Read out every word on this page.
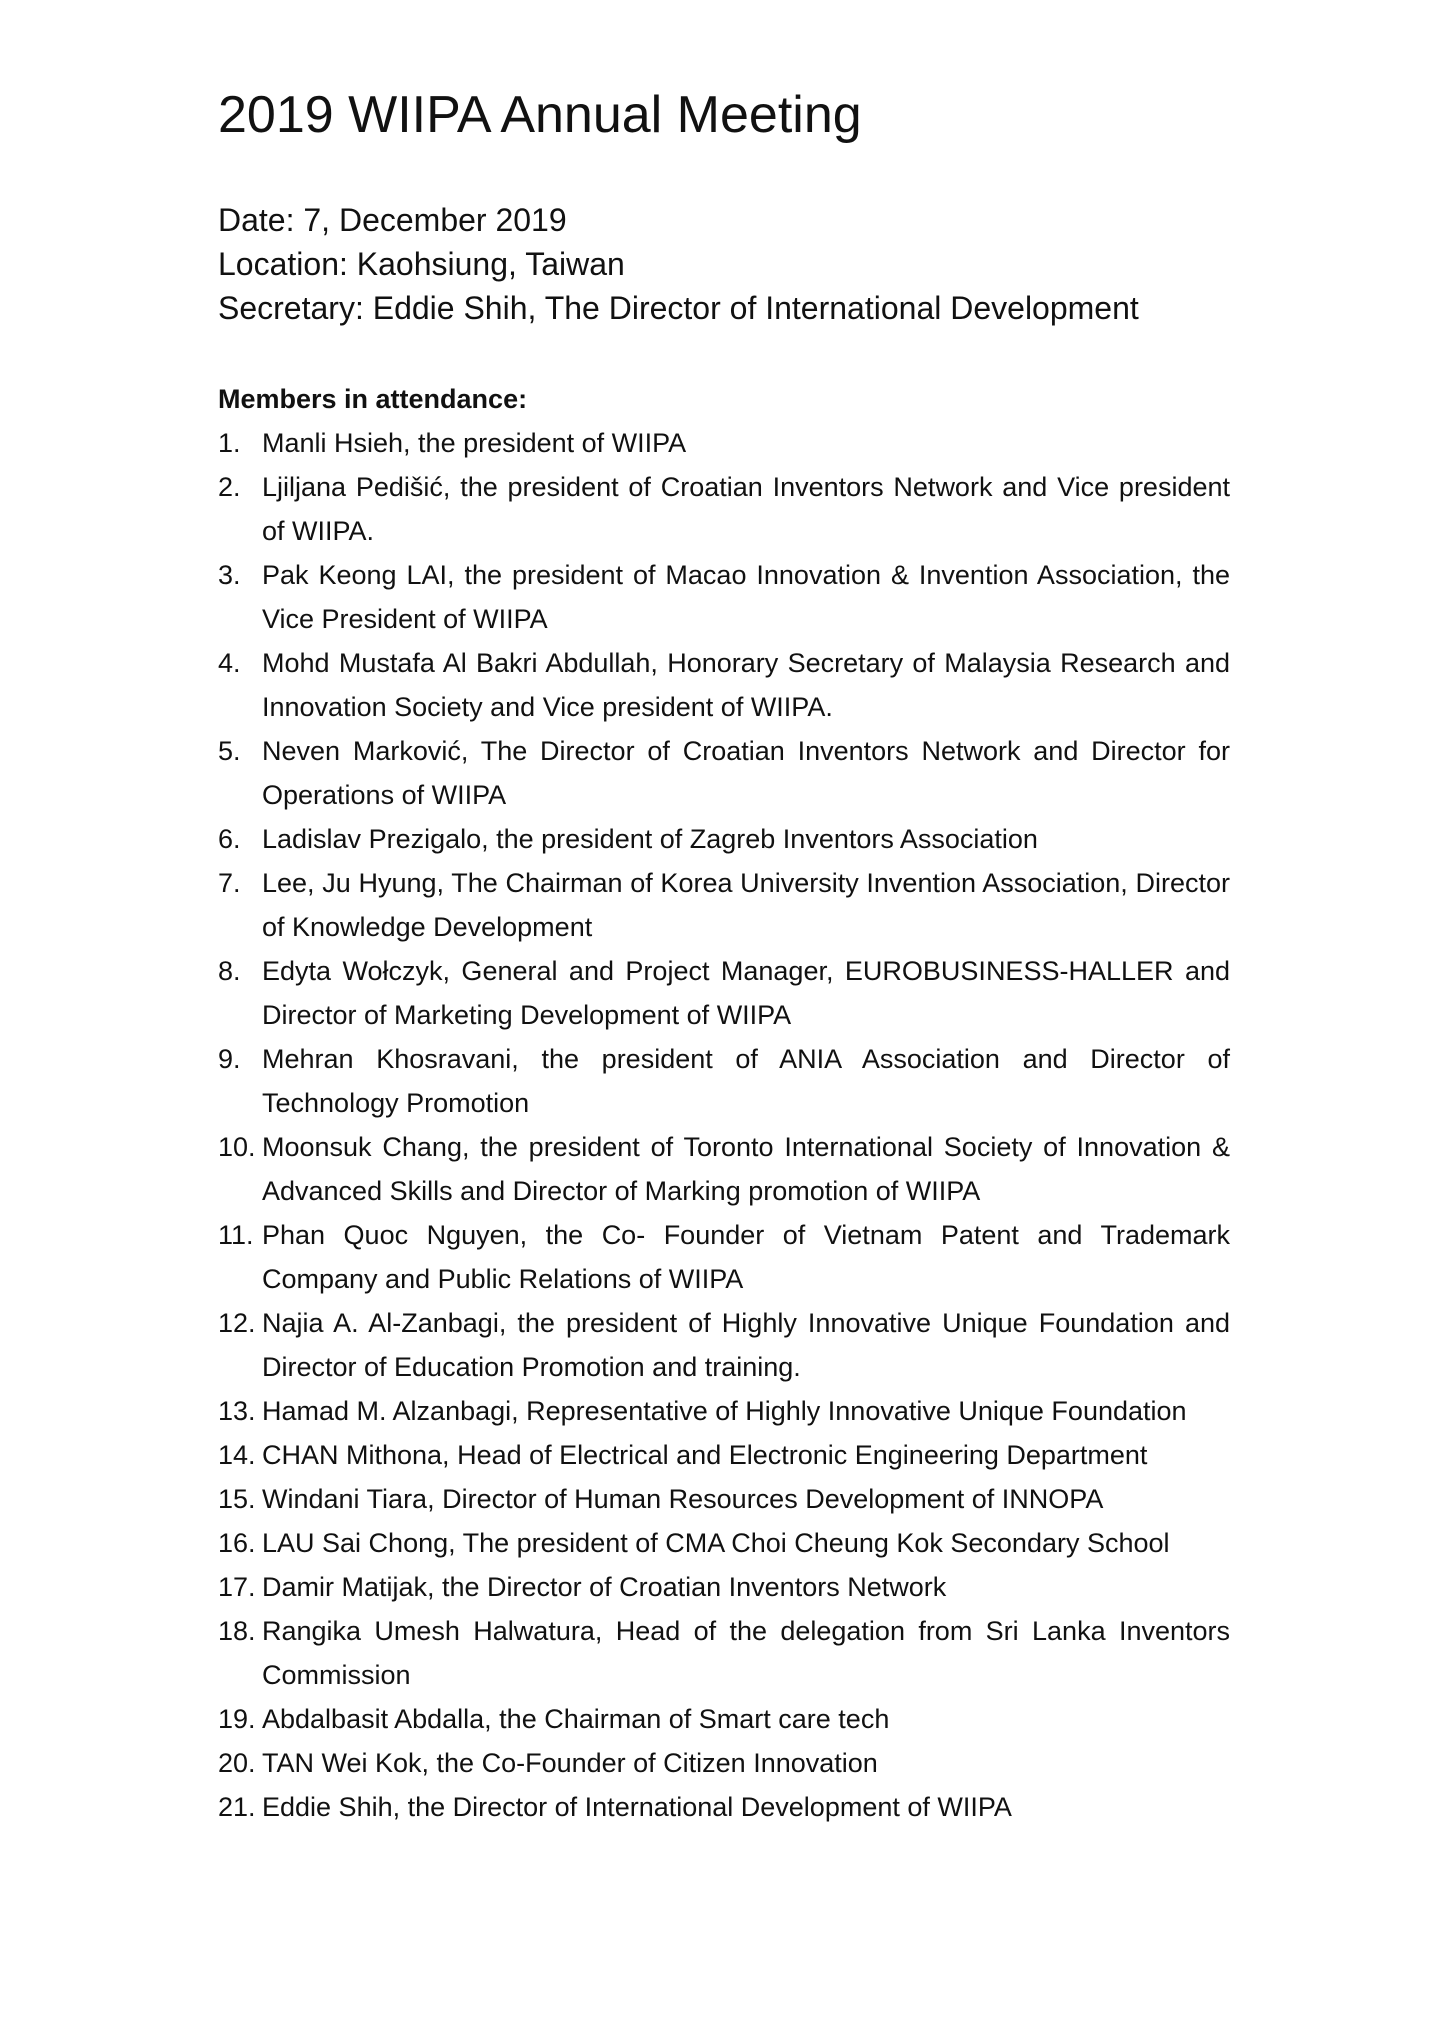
2019 WIIPA Annual Meeting
Date: 7, December 2019
Location: Kaohsiung, Taiwan
Secretary: Eddie Shih, The Director of International Development
Members in attendance:
1. Manli Hsieh, the president of WIIPA
2. Ljiljana Pedišić, the president of Croatian Inventors Network and Vice president of WIIPA.
3. Pak Keong LAI, the president of Macao Innovation & Invention Association, the Vice President of WIIPA
4. Mohd Mustafa Al Bakri Abdullah, Honorary Secretary of Malaysia Research and Innovation Society and Vice president of WIIPA.
5. Neven Marković, The Director of Croatian Inventors Network and Director for Operations of WIIPA
6. Ladislav Prezigalo, the president of Zagreb Inventors Association
7. Lee, Ju Hyung, The Chairman of Korea University Invention Association, Director of Knowledge Development
8. Edyta Wołczyk, General and Project Manager, EUROBUSINESS-HALLER and Director of Marketing Development of WIIPA
9. Mehran Khosravani, the president of ANIA Association and Director of Technology Promotion
10. Moonsuk Chang, the president of Toronto International Society of Innovation & Advanced Skills and Director of Marking promotion of WIIPA
11. Phan Quoc Nguyen, the Co- Founder of Vietnam Patent and Trademark Company and Public Relations of WIIPA
12. Najia A. Al-Zanbagi, the president of Highly Innovative Unique Foundation and Director of Education Promotion and training.
13. Hamad M. Alzanbagi, Representative of Highly Innovative Unique Foundation
14. CHAN Mithona, Head of Electrical and Electronic Engineering Department
15. Windani Tiara, Director of Human Resources Development of INNOPA
16. LAU Sai Chong, The president of CMA Choi Cheung Kok Secondary School
17. Damir Matijak, the Director of Croatian Inventors Network
18. Rangika Umesh Halwatura, Head of the delegation from Sri Lanka Inventors Commission
19. Abdalbasit Abdalla, the Chairman of Smart care tech
20. TAN Wei Kok, the Co-Founder of Citizen Innovation
21. Eddie Shih, the Director of International Development of WIIPA
